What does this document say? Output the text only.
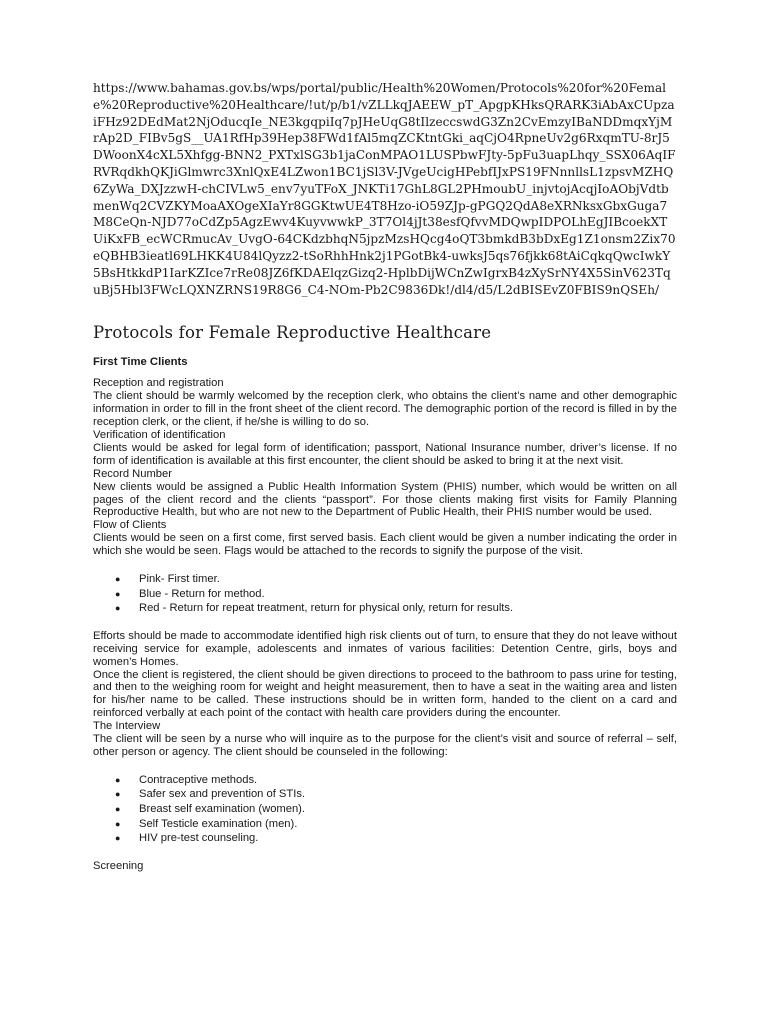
https://www.bahamas.gov.bs/wps/portal/public/Health%20Women/Protocols%20for%20Female%20Reproductive%20Healthcare/!ut/p/b1/vZLLkqJAEEW_pT_ApgpKHksQRARK3iAbAxCUpzaiFHz92DEdMat2NjOducqIe_NE3kgqpiIq7pJHeUqG8tIlzeccswdG3Zn2CvEmzyIBaNDDmqxYjMrAp2D_FIBv5gS__UA1RfHp39Hep38FWd1fAl5mqZCKtntGki_aqCjO4RpneUv2g6RxqmTU-8rJ5DWoonX4cXL5Xhfgg-BNN2_PXTxlSG3b1jaConMPAO1LUSPbwFJty-5pFu3uapLhqy_SSX06AqIFRVRqdkhQKJiGlmwrc3XnlQxE4LZwon1BC1jSl3V-JVgeUcigHPebfIJxPS19FNnnllsL1zpsvMZHQ6ZyWa_DXJzzwH-chCIVLw5_env7yuTFoX_JNKTi17GhL8GL2PHmoubU_injvtojAcqjIoAObjVdtbmenWq2CVZKYMoaAXOgeXIaYr8GGKtwUE4T8Hzo-iO59ZJp-gPGQ2QdA8eXRNksxGbxGuga7M8CeQn-NJD77oCdZp5AgzEwv4KuyvwwkP_3T7Ol4jJt38esfQfvvMDQwpIDPOLhEgJIBcoekXTUiKxFB_ecWCRmucAv_UvgO-64CKdzbhqN5jpzMzsHQcg4oQT3bmkdB3bDxEg1Z1onsm2Zix70eQBHB3ieatl69LHKK4U84lQyzz2-tSoRhhHnk2j1PGotBk4-uwksJ5qs76fjkk68tAiCqkqQwcIwkY5BsHtkkdP1IarKZIce7rRe08JZ6fKDAElqzGizq2-HplbDijWCnZwIgrxB4zXySrNY4X5SinV623TquBj5Hbl3FWcLQXNZRNS19R8G6_C4-NOm-Pb2C9836Dk!/dl4/d5/L2dBISEvZ0FBIS9nQSEh/

Protocols for Female Reproductive Healthcare
First Time Clients

Reception and registration

The client should be warmly welcomed by the reception clerk, who obtains the client’s name and other demographic information in order to fill in the front sheet of the client record. The demographic portion of the record is filled in by the reception clerk, or the client, if he/she is willing to do so.

Verification of identification

Clients would be asked for legal form of identification; passport, National Insurance number, driver’s license. If no form of identification is available at this first encounter, the client should be asked to bring it at the next visit.

Record Number

New clients would be assigned a Public Health Information System (PHIS) number, which would be written on all pages of the client record and the clients “passport”. For those clients making first visits for Family Planning Reproductive Health, but who are not new to the Department of Public Health, their PHIS number would be used.

Flow of Clients

Clients would be seen on a first come, first served basis. Each client would be given a number indicating the order in which she would be seen. Flags would be attached to the records to signify the purpose of the visit.

● Pink- First timer.
● Blue - Return for method.
● Red - Return for repeat treatment, return for physical only, return for results.

Efforts should be made to accommodate identified high risk clients out of turn, to ensure that they do not leave without receiving service for example, adolescents and inmates of various facilities: Detention Centre, girls, boys and women’s Homes.

Once the client is registered, the client should be given directions to proceed to the bathroom to pass urine for testing, and then to the weighing room for weight and height measurement, then to have a seat in the waiting area and listen for his/her name to be called. These instructions should be in written form, handed to the client on a card and reinforced verbally at each point of the contact with health care providers during the encounter.

The Interview

The client will be seen by a nurse who will inquire as to the purpose for the client’s visit and source of referral – self, other person or agency. The client should be counseled in the following:

● Contraceptive methods.
● Safer sex and prevention of STIs.
● Breast self examination (women).
● Self Testicle examination (men).
● HIV pre-test counseling.
Screening
